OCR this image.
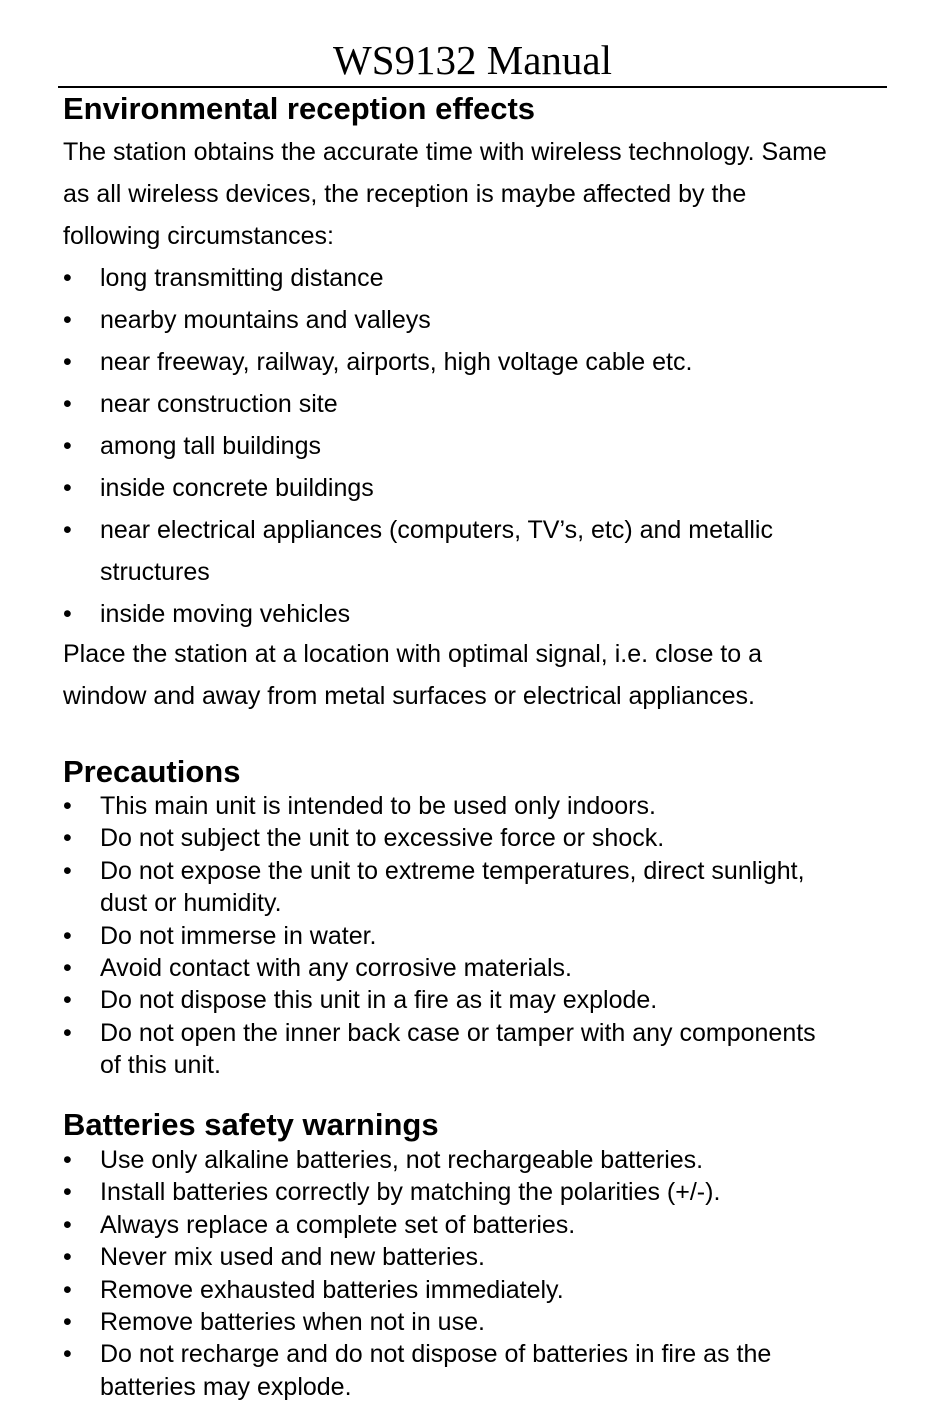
WS9132 Manual
Environmental reception effects

The station obtains the accurate time with wireless technology. Same
as all wireless devices, the reception is maybe affected by the
following circumstances:

• long transmitting distance
• nearby mountains and valleys
• near freeway, railway, airports, high voltage cable etc.
• near construction site
• among tall buildings
• inside concrete buildings
• near electrical appliances (computers, TV’s, etc) and metallic
structures
• inside moving vehicles

Place the station at a location with optimal signal, i.e. close to a
window and away from metal surfaces or electrical appliances.

Precautions
• This main unit is intended to be used only indoors.
• Do not subject the unit to excessive force or shock.
• Do not expose the unit to extreme temperatures, direct sunlight,
dust or humidity.
• Do not immerse in water.
• Avoid contact with any corrosive materials.
• Do not dispose this unit in a fire as it may explode.
• Do not open the inner back case or tamper with any components
of this unit.
Batteries safety warnings
• Use only alkaline batteries, not rechargeable batteries.
• Install batteries correctly by matching the polarities (+/-).
• Always replace a complete set of batteries.
• Never mix used and new batteries.
• Remove exhausted batteries immediately.
• Remove batteries when not in use.
• Do not recharge and do not dispose of batteries in fire as the
batteries may explode.
